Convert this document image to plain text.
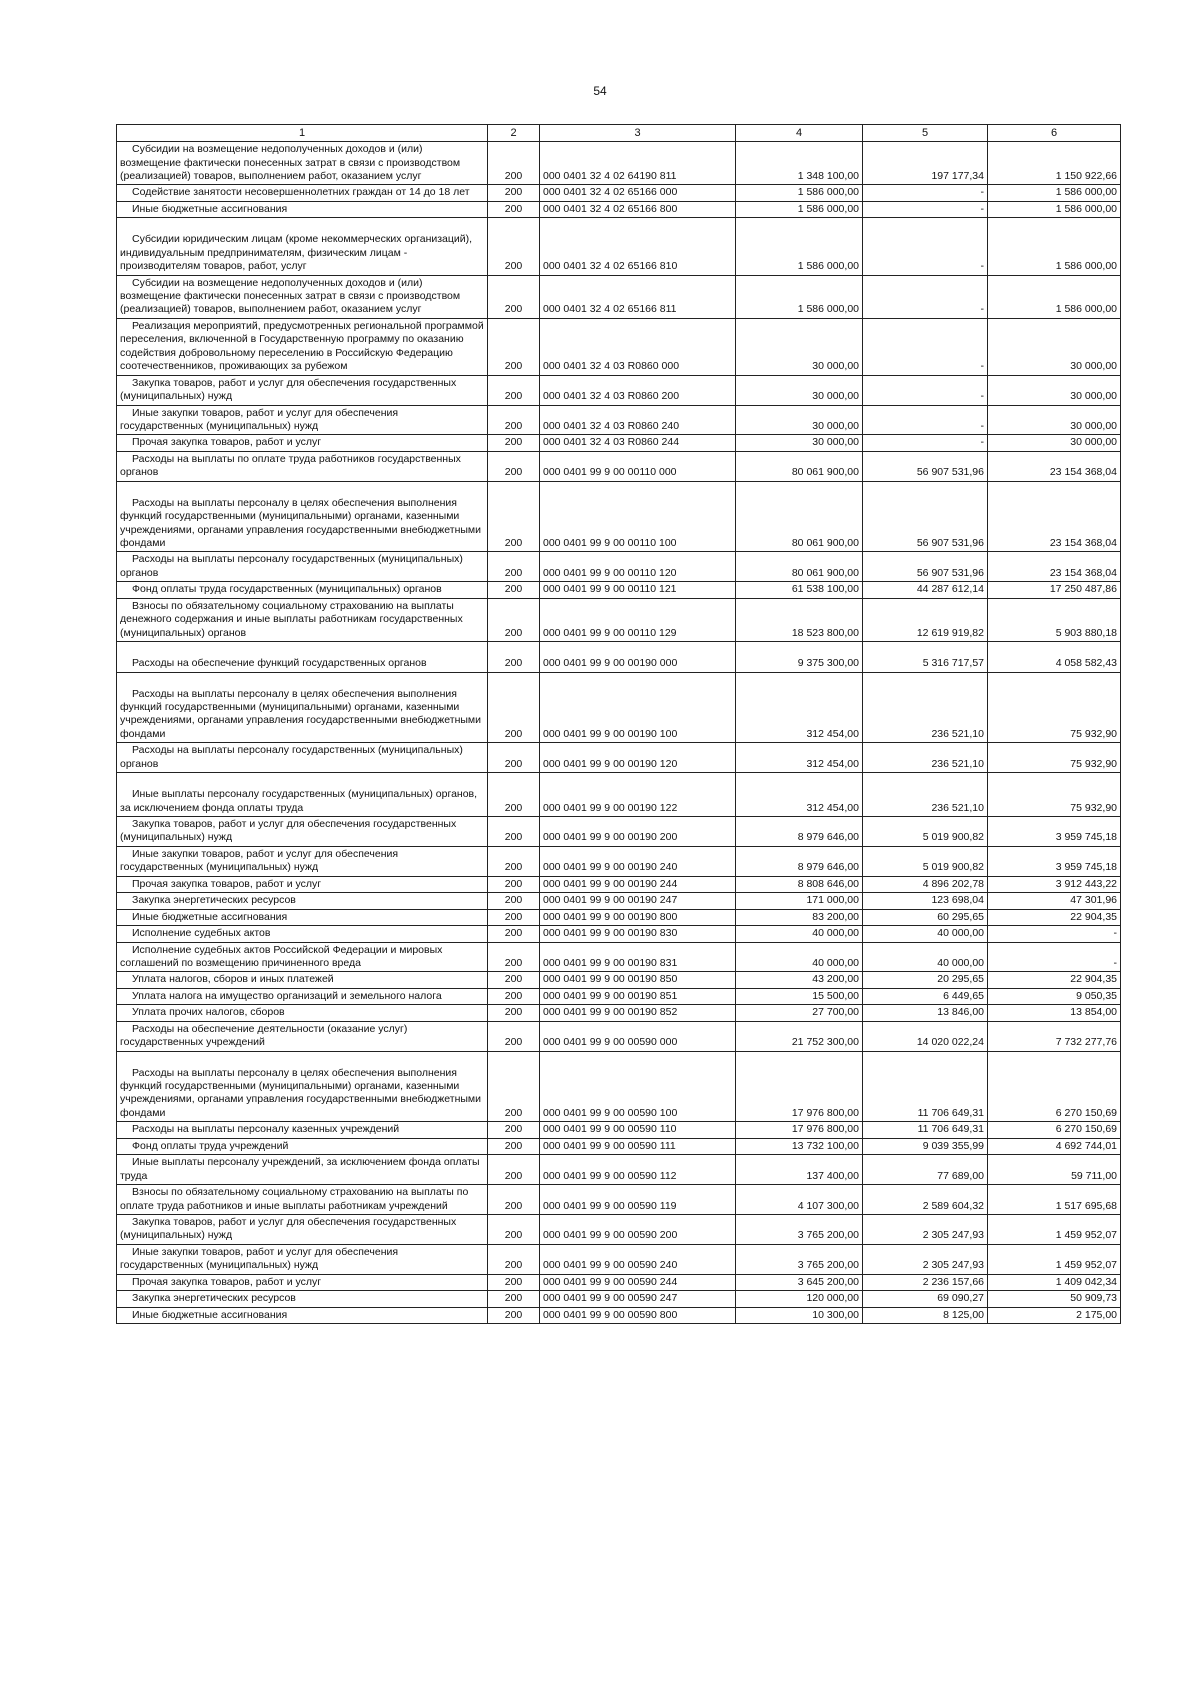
54
1	2	3	4	5	6

Субсидии на возмещение недополученных доходов и (или) возмещение фактически понесенных затрат в связи с производством (реализацией) товаров, выполнением работ, оказанием услуг	200	000 0401 32 4 02 64190 811	1 348 100,00	197 177,34	1 150 922,66

Содействие занятости несовершеннолетних граждан от 14 до 18 лет	200	000 0401 32 4 02 65166 000	1 586 000,00	-	1 586 000,00

Иные бюджетные ассигнования	200	000 0401 32 4 02 65166 800	1 586 000,00	-	1 586 000,00

Субсидии юридическим лицам (кроме некоммерческих организаций), индивидуальным предпринимателям, физическим лицам - производителям товаров, работ, услуг	200	000 0401 32 4 02 65166 810	1 586 000,00	-	1 586 000,00

Субсидии на возмещение недополученных доходов и (или) возмещение фактически понесенных затрат в связи с производством (реализацией) товаров, выполнением работ, оказанием услуг	200	000 0401 32 4 02 65166 811	1 586 000,00	-	1 586 000,00

Реализация мероприятий, предусмотренных региональной программой переселения, включенной в Государственную программу по оказанию содействия добровольному переселению в Российскую Федерацию соотечественников, проживающих за рубежом	200	000 0401 32 4 03 R0860 000	30 000,00	-	30 000,00

Закупка товаров, работ и услуг для обеспечения государственных (муниципальных) нужд	200	000 0401 32 4 03 R0860 200	30 000,00	-	30 000,00

Иные закупки товаров, работ и услуг для обеспечения государственных (муниципальных) нужд	200	000 0401 32 4 03 R0860 240	30 000,00	-	30 000,00

Прочая закупка товаров, работ и услуг	200	000 0401 32 4 03 R0860 244	30 000,00	-	30 000,00

Расходы на выплаты по оплате труда работников государственных органов	200	000 0401 99 9 00 00110 000	80 061 900,00	56 907 531,96	23 154 368,04

Расходы на выплаты персоналу в целях обеспечения выполнения функций государственными (муниципальными) органами, казенными учреждениями, органами управления государственными внебюджетными фондами	200	000 0401 99 9 00 00110 100	80 061 900,00	56 907 531,96	23 154 368,04

Расходы на выплаты персоналу государственных (муниципальных) органов	200	000 0401 99 9 00 00110 120	80 061 900,00	56 907 531,96	23 154 368,04

Фонд оплаты труда государственных (муниципальных) органов	200	000 0401 99 9 00 00110 121	61 538 100,00	44 287 612,14	17 250 487,86

Взносы по обязательному социальному страхованию на выплаты денежного содержания и иные выплаты работникам государственных (муниципальных) органов	200	000 0401 99 9 00 00110 129	18 523 800,00	12 619 919,82	5 903 880,18

Расходы на обеспечение функций государственных органов	200	000 0401 99 9 00 00190 000	9 375 300,00	5 316 717,57	4 058 582,43

Расходы на выплаты персоналу в целях обеспечения выполнения функций государственными (муниципальными) органами, казенными учреждениями, органами управления государственными внебюджетными фондами	200	000 0401 99 9 00 00190 100	312 454,00	236 521,10	75 932,90

Расходы на выплаты персоналу государственных (муниципальных) органов	200	000 0401 99 9 00 00190 120	312 454,00	236 521,10	75 932,90

Иные выплаты персоналу государственных (муниципальных) органов, за исключением фонда оплаты труда	200	000 0401 99 9 00 00190 122	312 454,00	236 521,10	75 932,90

Закупка товаров, работ и услуг для обеспечения государственных (муниципальных) нужд	200	000 0401 99 9 00 00190 200	8 979 646,00	5 019 900,82	3 959 745,18

Иные закупки товаров, работ и услуг для обеспечения государственных (муниципальных) нужд	200	000 0401 99 9 00 00190 240	8 979 646,00	5 019 900,82	3 959 745,18

Прочая закупка товаров, работ и услуг	200	000 0401 99 9 00 00190 244	8 808 646,00	4 896 202,78	3 912 443,22

Закупка энергетических ресурсов	200	000 0401 99 9 00 00190 247	171 000,00	123 698,04	47 301,96

Иные бюджетные ассигнования	200	000 0401 99 9 00 00190 800	83 200,00	60 295,65	22 904,35

Исполнение судебных актов	200	000 0401 99 9 00 00190 830	40 000,00	40 000,00	-

Исполнение судебных актов Российской Федерации и мировых соглашений по возмещению причиненного вреда	200	000 0401 99 9 00 00190 831	40 000,00	40 000,00	-

Уплата налогов, сборов и иных платежей	200	000 0401 99 9 00 00190 850	43 200,00	20 295,65	22 904,35

Уплата налога на имущество организаций и земельного налога	200	000 0401 99 9 00 00190 851	15 500,00	6 449,65	9 050,35

Уплата прочих налогов, сборов	200	000 0401 99 9 00 00190 852	27 700,00	13 846,00	13 854,00

Расходы на обеспечение деятельности (оказание услуг) государственных учреждений	200	000 0401 99 9 00 00590 000	21 752 300,00	14 020 022,24	7 732 277,76

Расходы на выплаты персоналу в целях обеспечения выполнения функций государственными (муниципальными) органами, казенными учреждениями, органами управления государственными внебюджетными фондами	200	000 0401 99 9 00 00590 100	17 976 800,00	11 706 649,31	6 270 150,69

Расходы на выплаты персоналу казенных учреждений	200	000 0401 99 9 00 00590 110	17 976 800,00	11 706 649,31	6 270 150,69

Фонд оплаты труда учреждений	200	000 0401 99 9 00 00590 111	13 732 100,00	9 039 355,99	4 692 744,01

Иные выплаты персоналу учреждений, за исключением фонда оплаты труда	200	000 0401 99 9 00 00590 112	137 400,00	77 689,00	59 711,00

Взносы по обязательному социальному страхованию на выплаты по оплате труда работников и иные выплаты работникам учреждений	200	000 0401 99 9 00 00590 119	4 107 300,00	2 589 604,32	1 517 695,68

Закупка товаров, работ и услуг для обеспечения государственных (муниципальных) нужд	200	000 0401 99 9 00 00590 200	3 765 200,00	2 305 247,93	1 459 952,07

Иные закупки товаров, работ и услуг для обеспечения государственных (муниципальных) нужд	200	000 0401 99 9 00 00590 240	3 765 200,00	2 305 247,93	1 459 952,07

Прочая закупка товаров, работ и услуг	200	000 0401 99 9 00 00590 244	3 645 200,00	2 236 157,66	1 409 042,34

Закупка энергетических ресурсов	200	000 0401 99 9 00 00590 247	120 000,00	69 090,27	50 909,73

Иные бюджетные ассигнования	200	000 0401 99 9 00 00590 800	10 300,00	8 125,00	2 175,00
